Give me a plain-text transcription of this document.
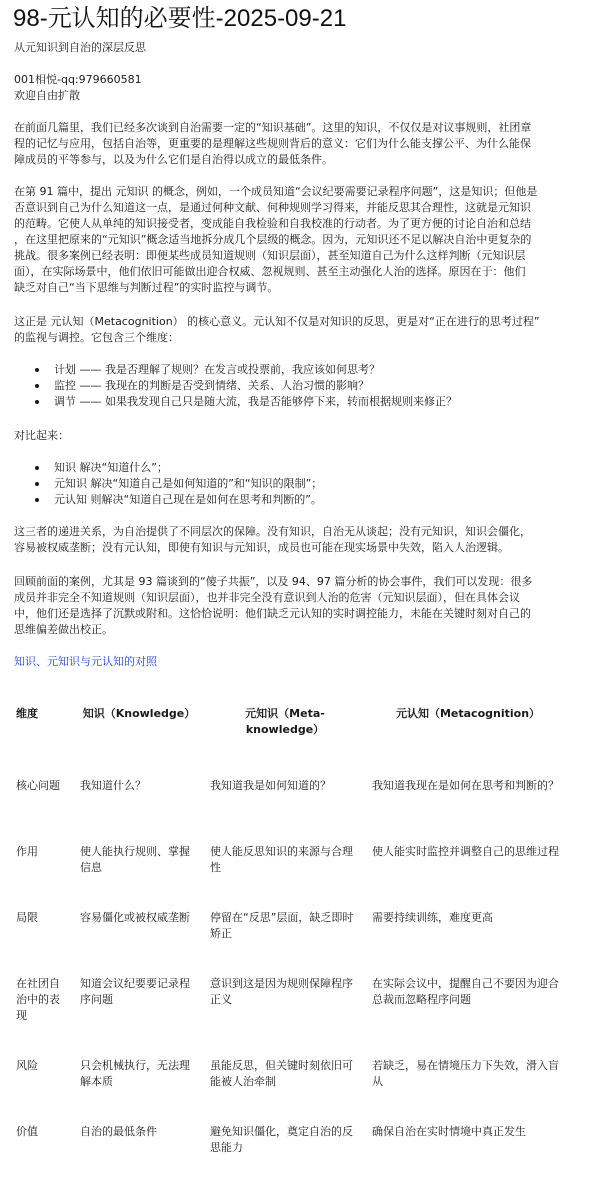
98-元认知的必要性-2025-09-21
从元知识到自治的深层反思
001相悦-qq:979660581
欢迎自由扩散
在前面几篇里，我们已经多次谈到自治需要一定的“知识基础”。这里的知识，不仅仅是对议事规则，社团章
程的记忆与应用，包括自治等，更重要的是理解这些规则背后的意义：它们为什么能支撑公平、为什么能保
障成员的平等参与，以及为什么它们是自治得以成立的最低条件。
在第 91 篇中，提出 元知识 的概念，例如，一个成员知道“会议纪要需要记录程序问题”，这是知识；但他是
否意识到自己为什么知道这一点，是通过何种文献、何种规则学习得来，并能反思其合理性，这就是元知识
的范畴。它使人从单纯的知识接受者，变成能自我检验和自我校准的行动者。为了更方便的讨论自治和总结
，在这里把原来的“元知识”概念适当地拆分成几个层级的概念。因为，元知识还不足以解决自治中更复杂的
挑战。很多案例已经表明：即便某些成员知道规则（知识层面），甚至知道自己为什么这样判断（元知识层
面），在实际场景中，他们依旧可能做出迎合权威、忽视规则、甚至主动强化人治的选择。原因在于：他们
缺乏对自己“当下思维与判断过程”的实时监控与调节。
这正是 元认知（Metacognition） 的核心意义。元认知不仅是对知识的反思，更是对“正在进行的思考过程”
的监视与调控。它包含三个维度：
计划 —— 我是否理解了规则？在发言或投票前，我应该如何思考？
监控 —— 我现在的判断是否受到情绪、关系、人治习惯的影响？
调节 —— 如果我发现自己只是随大流，我是否能够停下来，转而根据规则来修正？
对比起来：
知识 解决“知道什么”；
元知识 解决“知道自己是如何知道的”和“知识的限制”；
元认知 则解决“知道自己现在是如何在思考和判断的”。
这三者的递进关系，为自治提供了不同层次的保障。没有知识，自治无从谈起；没有元知识，知识会僵化，
容易被权威垄断；没有元认知，即使有知识与元知识，成员也可能在现实场景中失效，陷入人治逻辑。
回顾前面的案例，尤其是 93 篇谈到的“傻子共振”，以及 94、97 篇分析的协会事件，我们可以发现：很多
成员并非完全不知道规则（知识层面），也并非完全没有意识到人治的危害（元知识层面），但在具体会议
中，他们还是选择了沉默或附和。这恰恰说明：他们缺乏元认知的实时调控能力，未能在关键时刻对自己的
思维偏差做出校正。
知识、元知识与元认知的对照
维度	知识（Knowledge）	元知识（Meta-knowledge）	元认知（Metacognition）
核心问题	我知道什么？	我知道我是如何知道的？	我知道我现在是如何在思考和判断的？
作用	使人能执行规则、掌握信息	使人能反思知识的来源与合理性	使人能实时监控并调整自己的思维过程
局限	容易僵化或被权威垄断	停留在“反思”层面，缺乏即时矫正	需要持续训练，难度更高
在社团自治中的表现	知道会议纪要要记录程序问题	意识到这是因为规则保障程序正义	在实际会议中，提醒自己不要因为迎合总裁而忽略程序问题
风险	只会机械执行，无法理解本质	虽能反思，但关键时刻依旧可能被人治牵制	若缺乏，易在情境压力下失效，滑入盲从
价值	自治的最低条件	避免知识僵化，奠定自治的反思能力	确保自治在实时情境中真正发生
